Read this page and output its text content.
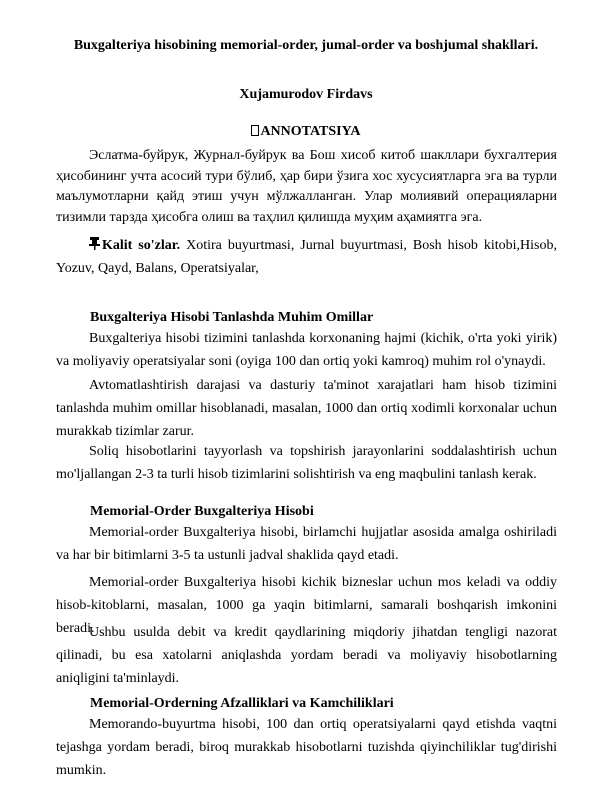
Buxgalteriya hisobining memorial-order, jumal-order va boshjumal shakllari.
Xujamurodov Firdavs
ANNOTATSIYA

Эслатма-буйрук, Журнал-буйрук ва Бош хисоб китоб шакллари бухгалтерия ҳисобининг учта асосий тури бўлиб, ҳар бири ўзига хос хусусиятларга эга ва турли маълумотларни қайд этиш учун мўлжалланган. Улар молиявий операцияларни тизимли тарзда ҳисобга олиш ва таҳлил қилишда муҳим аҳамиятга эга.

Kalit so'zlar. Xotira buyurtmasi, Jurnal buyurtmasi, Bosh hisob kitobi,Hisob, Yozuv, Qayd, Balans, Operatsiyalar,

Buxgalteriya Hisobi Tanlashda Muhim Omillar

Buxgalteriya hisobi tizimini tanlashda korxonaning hajmi (kichik, o'rta yoki yirik) va moliyaviy operatsiyalar soni (oyiga 100 dan ortiq yoki kamroq) muhim rol o'ynaydi.

Avtomatlashtirish darajasi va dasturiy ta'minot xarajatlari ham hisob tizimini tanlashda muhim omillar hisoblanadi, masalan, 1000 dan ortiq xodimli korxonalar uchun murakkab tizimlar zarur.

Soliq hisobotlarini tayyorlash va topshirish jarayonlarini soddalashtirish uchun mo'ljallangan 2-3 ta turli hisob tizimlarini solishtirish va eng maqbulini tanlash kerak.

Memorial-Order Buxgalteriya Hisobi

Memorial-order Buxgalteriya hisobi, birlamchi hujjatlar asosida amalga oshiriladi va har bir bitimlarni 3-5 ta ustunli jadval shaklida qayd etadi.

Memorial-order Buxgalteriya hisobi kichik bizneslar uchun mos keladi va oddiy hisob-kitoblarni, masalan, 1000 ga yaqin bitimlarni, samarali boshqarish imkonini beradi.

Ushbu usulda debit va kredit qaydlarining miqdoriy jihatdan tengligi nazorat qilinadi, bu esa xatolarni aniqlashda yordam beradi va moliyaviy hisobotlarning aniqligini ta'minlaydi.

Memorial-Orderning Afzalliklari va Kamchiliklari

Memorando-buyurtma hisobi, 100 dan ortiq operatsiyalarni qayd etishda vaqtni tejashga yordam beradi, biroq murakkab hisobotlarni tuzishda qiyinchiliklar tug'dirishi mumkin.
